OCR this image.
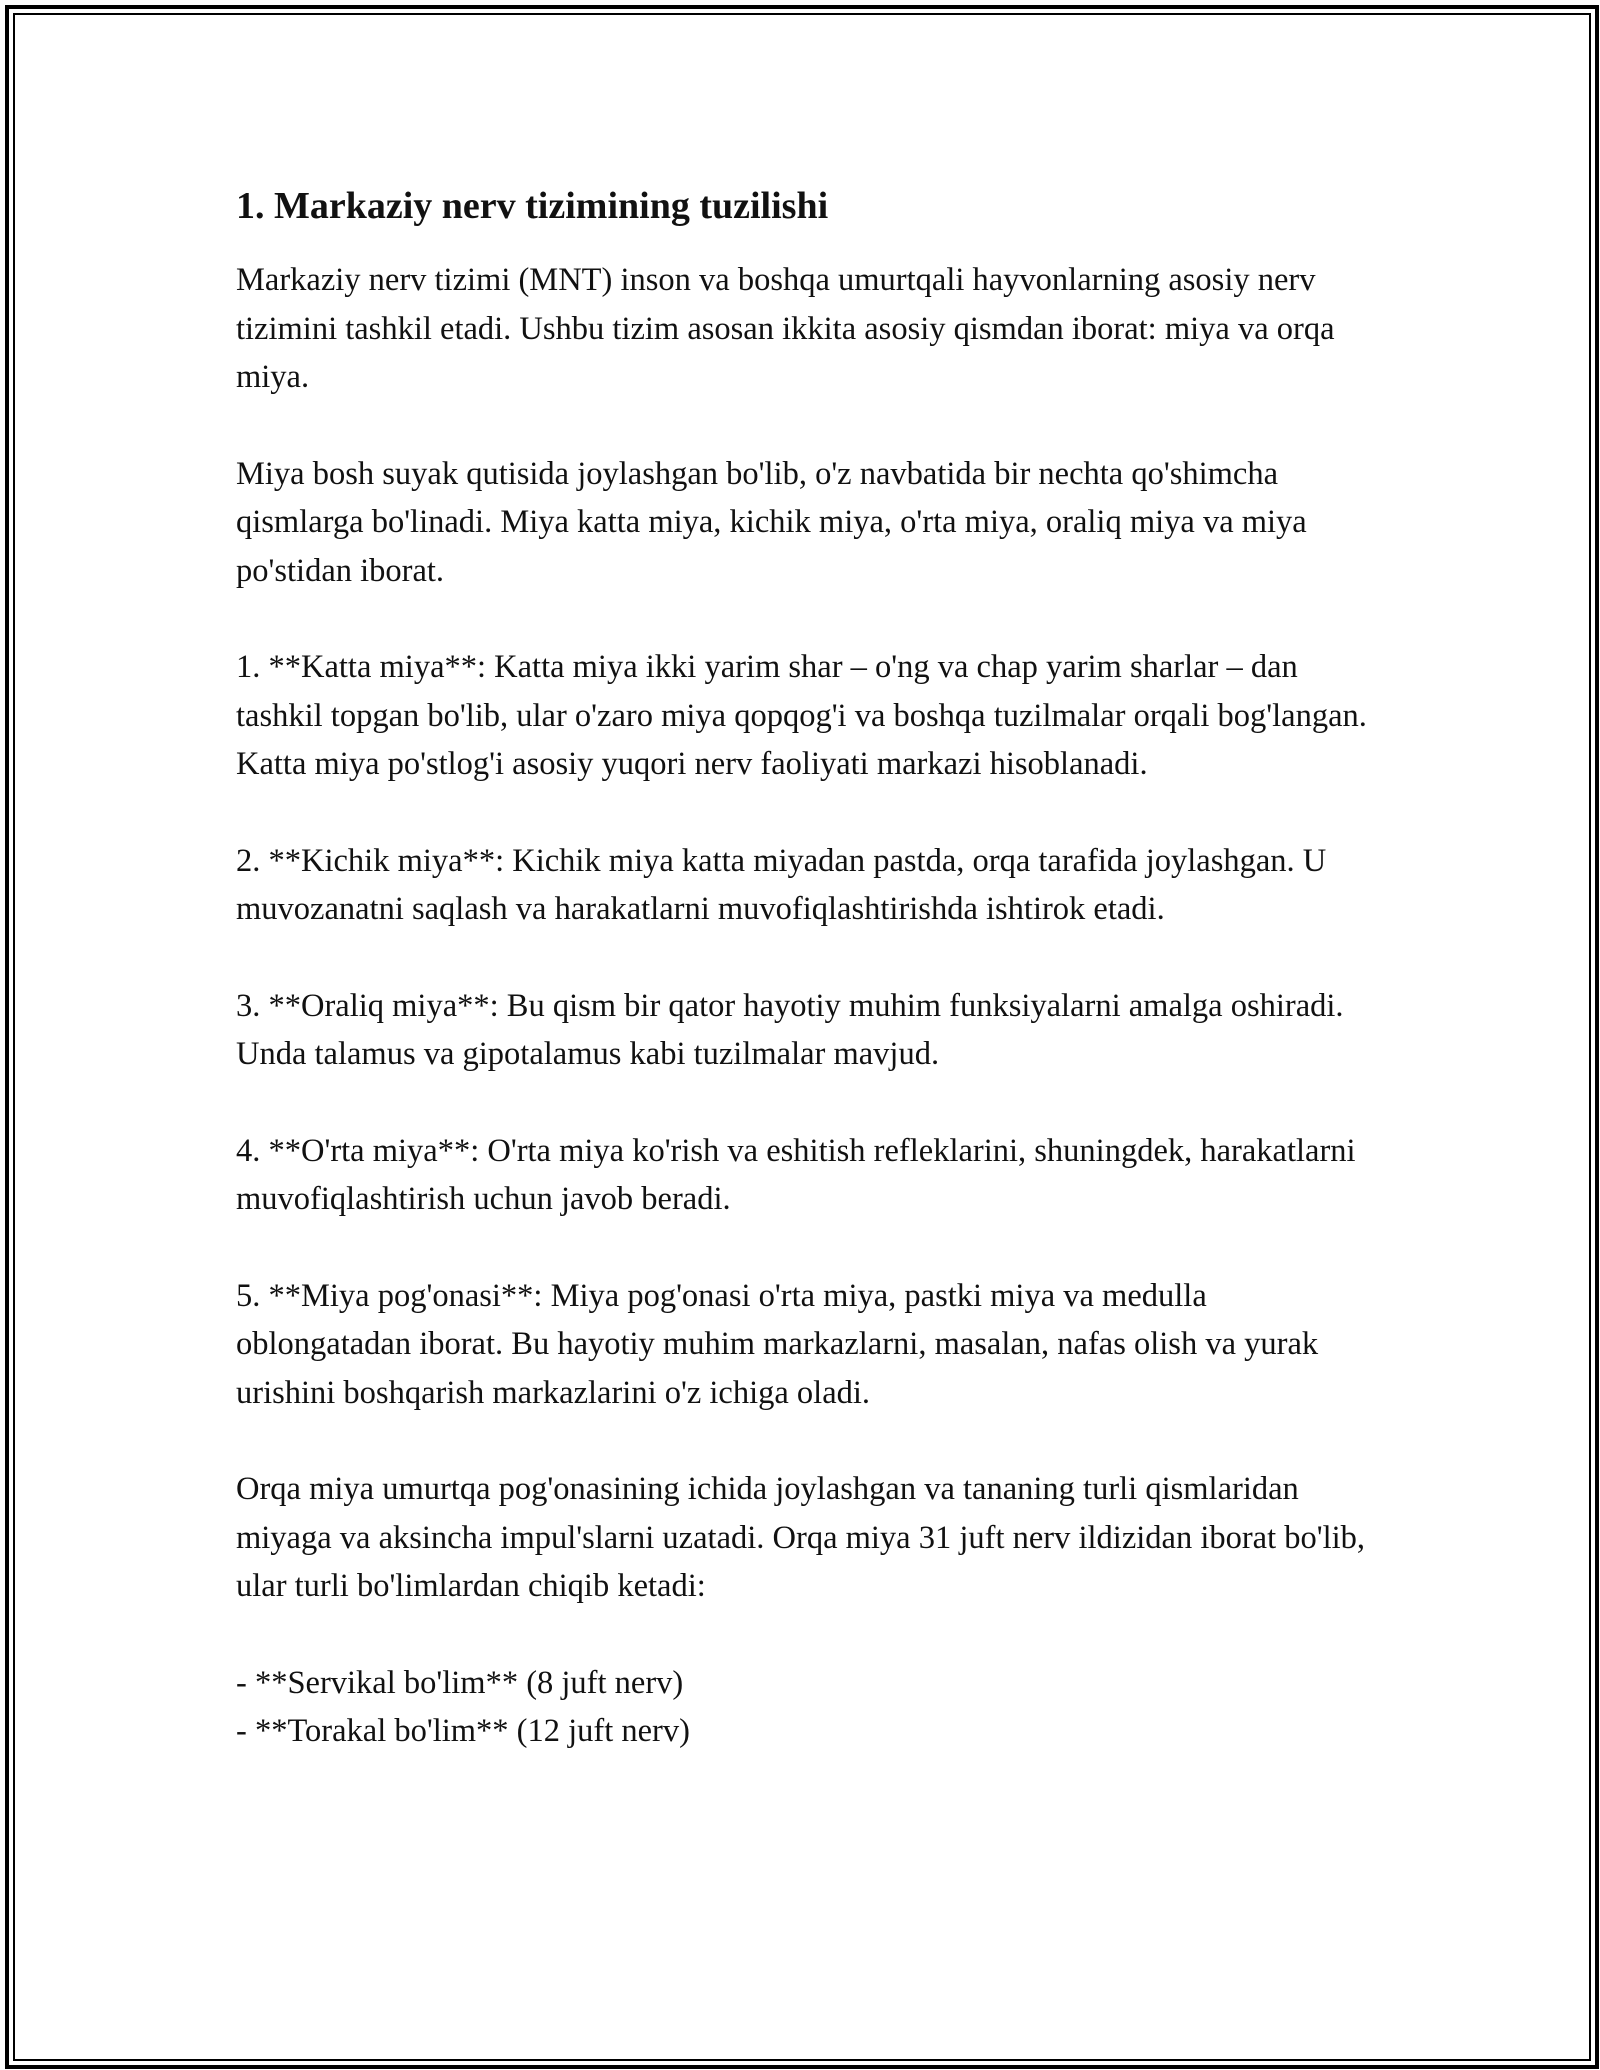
1. Markaziy nerv tizimining tuzilishi

Markaziy nerv tizimi (MNT) inson va boshqa umurtqali hayvonlarning asosiy nerv tizimini tashkil etadi. Ushbu tizim asosan ikkita asosiy qismdan iborat: miya va orqa miya.

Miya bosh suyak qutisida joylashgan bo'lib, o'z navbatida bir nechta qo'shimcha qismlarga bo'linadi. Miya katta miya, kichik miya, o'rta miya, oraliq miya va miya po'stidan iborat.

1. **Katta miya**: Katta miya ikki yarim shar – o'ng va chap yarim sharlar – dan tashkil topgan bo'lib, ular o'zaro miya qopqog'i va boshqa tuzilmalar orqali bog'langan. Katta miya po'stlog'i asosiy yuqori nerv faoliyati markazi hisoblanadi.

2. **Kichik miya**: Kichik miya katta miyadan pastda, orqa tarafida joylashgan. U muvozanatni saqlash va harakatlarni muvofiqlashtirishda ishtirok etadi.

3. **Oraliq miya**: Bu qism bir qator hayotiy muhim funksiyalarni amalga oshiradi. Unda talamus va gipotalamus kabi tuzilmalar mavjud.

4. **O'rta miya**: O'rta miya ko'rish va eshitish refleklarini, shuningdek, harakatlarni muvofiqlashtirish uchun javob beradi.

5. **Miya pog'onasi**: Miya pog'onasi o'rta miya, pastki miya va medulla oblongatadan iborat. Bu hayotiy muhim markazlarni, masalan, nafas olish va yurak urishini boshqarish markazlarini o'z ichiga oladi.

Orqa miya umurtqa pog'onasining ichida joylashgan va tananing turli qismlaridan miyaga va aksincha impul'slarni uzatadi. Orqa miya 31 juft nerv ildizidan iborat bo'lib, ular turli bo'limlardan chiqib ketadi:

- **Servikal bo'lim** (8 juft nerv)

- **Torakal bo'lim** (12 juft nerv)
